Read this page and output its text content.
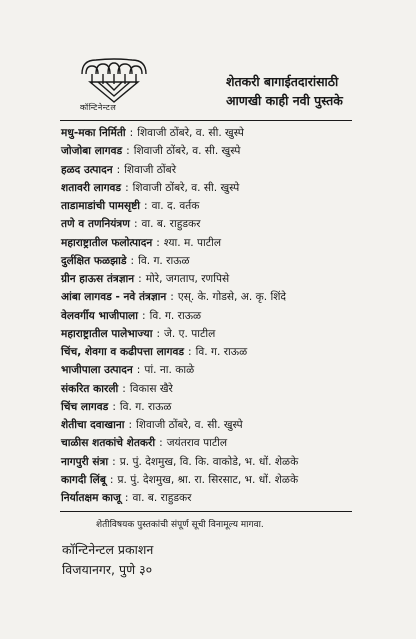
कॉन्टिनेन्टल
शेतकरी बागाईतदारांसाठी
आणखी काही नवी पुस्तके
मधु-मका निर्मिती : शिवाजी ठोंबरे, व. सी. खुस्पे
जोजोबा लागवड : शिवाजी ठोंबरे, व. सी. खुस्पे
हळद उत्पादन : शिवाजी ठोंबरे
शतावरी लागवड : शिवाजी ठोंबरे, व. सी. खुस्पे
ताडामाडांची पामसृष्टी : वा. द. वर्तक
तणे व तणनियंत्रण : वा. ब. राहुडकर
महाराष्ट्रातील फलोत्पादन : श्या. म. पाटील
दुर्लक्षित फळझाडे : वि. ग. राऊळ
ग्रीन हाऊस तंत्रज्ञान : मोरे, जगताप, रणपिसे
आंबा लागवड - नवे तंत्रज्ञान : एस्. के. गोडसे, अ. कृ. शिंदे
वेलवर्गीय भाजीपाला : वि. ग. राऊळ
महाराष्ट्रातील पालेभाज्या : जे. ए. पाटील
चिंच, शेवगा व कढीपत्ता लागवड : वि. ग. राऊळ
भाजीपाला उत्पादन : पां. ना. काळे
संकरित कारली : विकास खैरे
चिंच लागवड : वि. ग. राऊळ
शेतीचा दवाखाना : शिवाजी ठोंबरे, व. सी. खुस्पे
चाळीस शतकांचे शेतकरी : जयंतराव पाटील
नागपुरी संत्रा : प्र. पुं. देशमुख, वि. कि. वाकोडे, भ. धों. शेळके
कागदी लिंबू : प्र. पुं. देशमुख, श्रा. रा. सिरसाट, भ. धों. शेळके
निर्यातक्षम काजू : वा. ब. राहुडकर
शेतीविषयक पुस्तकांची संपूर्ण सूची विनामूल्य मागवा.
कॉन्टिनेन्टल प्रकाशन
विजयानगर, पुणे ३०
